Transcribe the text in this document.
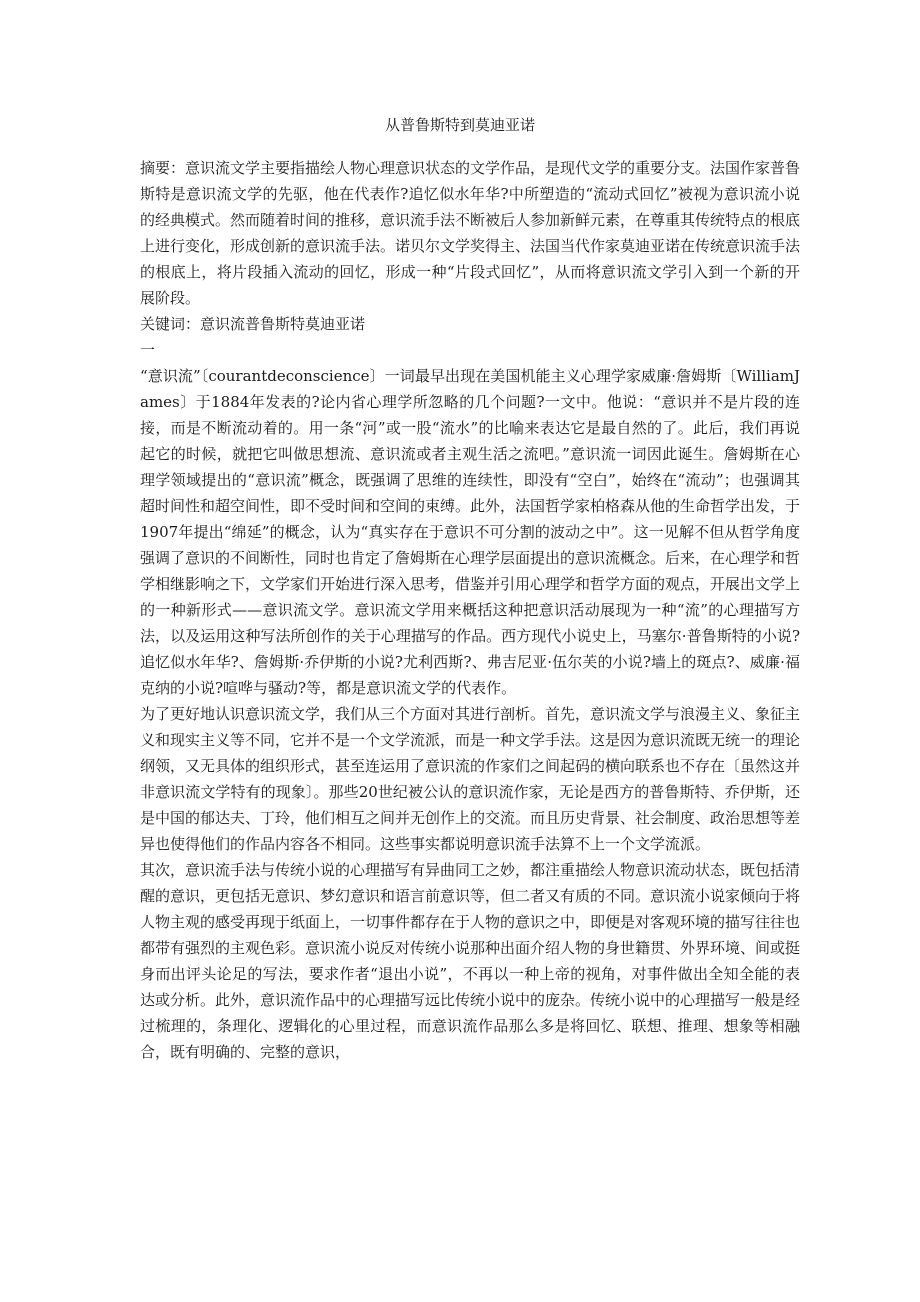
从普鲁斯特到莫迪亚诺

摘要：意识流文学主要指描绘人物心理意识状态的文学作品，是现代文学的重要分支。法国作家普鲁斯特是意识流文学的先驱，他在代表作?追忆似水年华?中所塑造的“流动式回忆”被视为意识流小说的经典模式。然而随着时间的推移，意识流手法不断被后人参加新鲜元素，在尊重其传统特点的根底上进行变化，形成创新的意识流手法。诺贝尔文学奖得主、法国当代作家莫迪亚诺在传统意识流手法的根底上，将片段插入流动的回忆，形成一种“片段式回忆”，从而将意识流文学引入到一个新的开展阶段。

关键词：意识流普鲁斯特莫迪亚诺

一

“意识流”〔courantdeconscience〕一词最早出现在美国机能主义心理学家威廉·詹姆斯〔WilliamJames〕于1884年发表的?论内省心理学所忽略的几个问题?一文中。他说：“意识并不是片段的连接，而是不断流动着的。用一条“河”或一股“流水”的比喻来表达它是最自然的了。此后，我们再说起它的时候，就把它叫做思想流、意识流或者主观生活之流吧。”意识流一词因此诞生。詹姆斯在心理学领域提出的“意识流”概念，既强调了思维的连续性，即没有“空白”，始终在“流动”；也强调其超时间性和超空间性，即不受时间和空间的束缚。此外，法国哲学家柏格森从他的生命哲学出发，于1907年提出“绵延”的概念，认为“真实存在于意识不可分割的波动之中”。这一见解不但从哲学角度强调了意识的不间断性，同时也肯定了詹姆斯在心理学层面提出的意识流概念。后来，在心理学和哲学相继影响之下，文学家们开始进行深入思考，借鉴并引用心理学和哲学方面的观点，开展出文学上的一种新形式——意识流文学。意识流文学用来概括这种把意识活动展现为一种“流”的心理描写方法，以及运用这种写法所创作的关于心理描写的作品。西方现代小说史上，马塞尔·普鲁斯特的小说?追忆似水年华?、詹姆斯·乔伊斯的小说?尤利西斯?、弗吉尼亚·伍尔芙的小说?墙上的斑点?、威廉·福克纳的小说?喧哗与骚动?等，都是意识流文学的代表作。

为了更好地认识意识流文学，我们从三个方面对其进行剖析。首先，意识流文学与浪漫主义、象征主义和现实主义等不同，它并不是一个文学流派，而是一种文学手法。这是因为意识流既无统一的理论纲领，又无具体的组织形式，甚至连运用了意识流的作家们之间起码的横向联系也不存在〔虽然这并非意识流文学特有的现象〕。那些20世纪被公认的意识流作家，无论是西方的普鲁斯特、乔伊斯，还是中国的郁达夫、丁玲，他们相互之间并无创作上的交流。而且历史背景、社会制度、政治思想等差异也使得他们的作品内容各不相同。这些事实都说明意识流手法算不上一个文学流派。

其次，意识流手法与传统小说的心理描写有异曲同工之妙，都注重描绘人物意识流动状态，既包括清醒的意识，更包括无意识、梦幻意识和语言前意识等，但二者又有质的不同。意识流小说家倾向于将人物主观的感受再现于纸面上，一切事件都存在于人物的意识之中，即便是对客观环境的描写往往也都带有强烈的主观色彩。意识流小说反对传统小说那种出面介绍人物的身世籍贯、外界环境、间或挺身而出评头论足的写法，要求作者“退出小说”，不再以一种上帝的视角，对事件做出全知全能的表达或分析。此外，意识流作品中的心理描写远比传统小说中的庞杂。传统小说中的心理描写一般是经过梳理的，条理化、逻辑化的心里过程，而意识流作品那么多是将回忆、联想、推理、想象等相融合，既有明确的、完整的意识，
